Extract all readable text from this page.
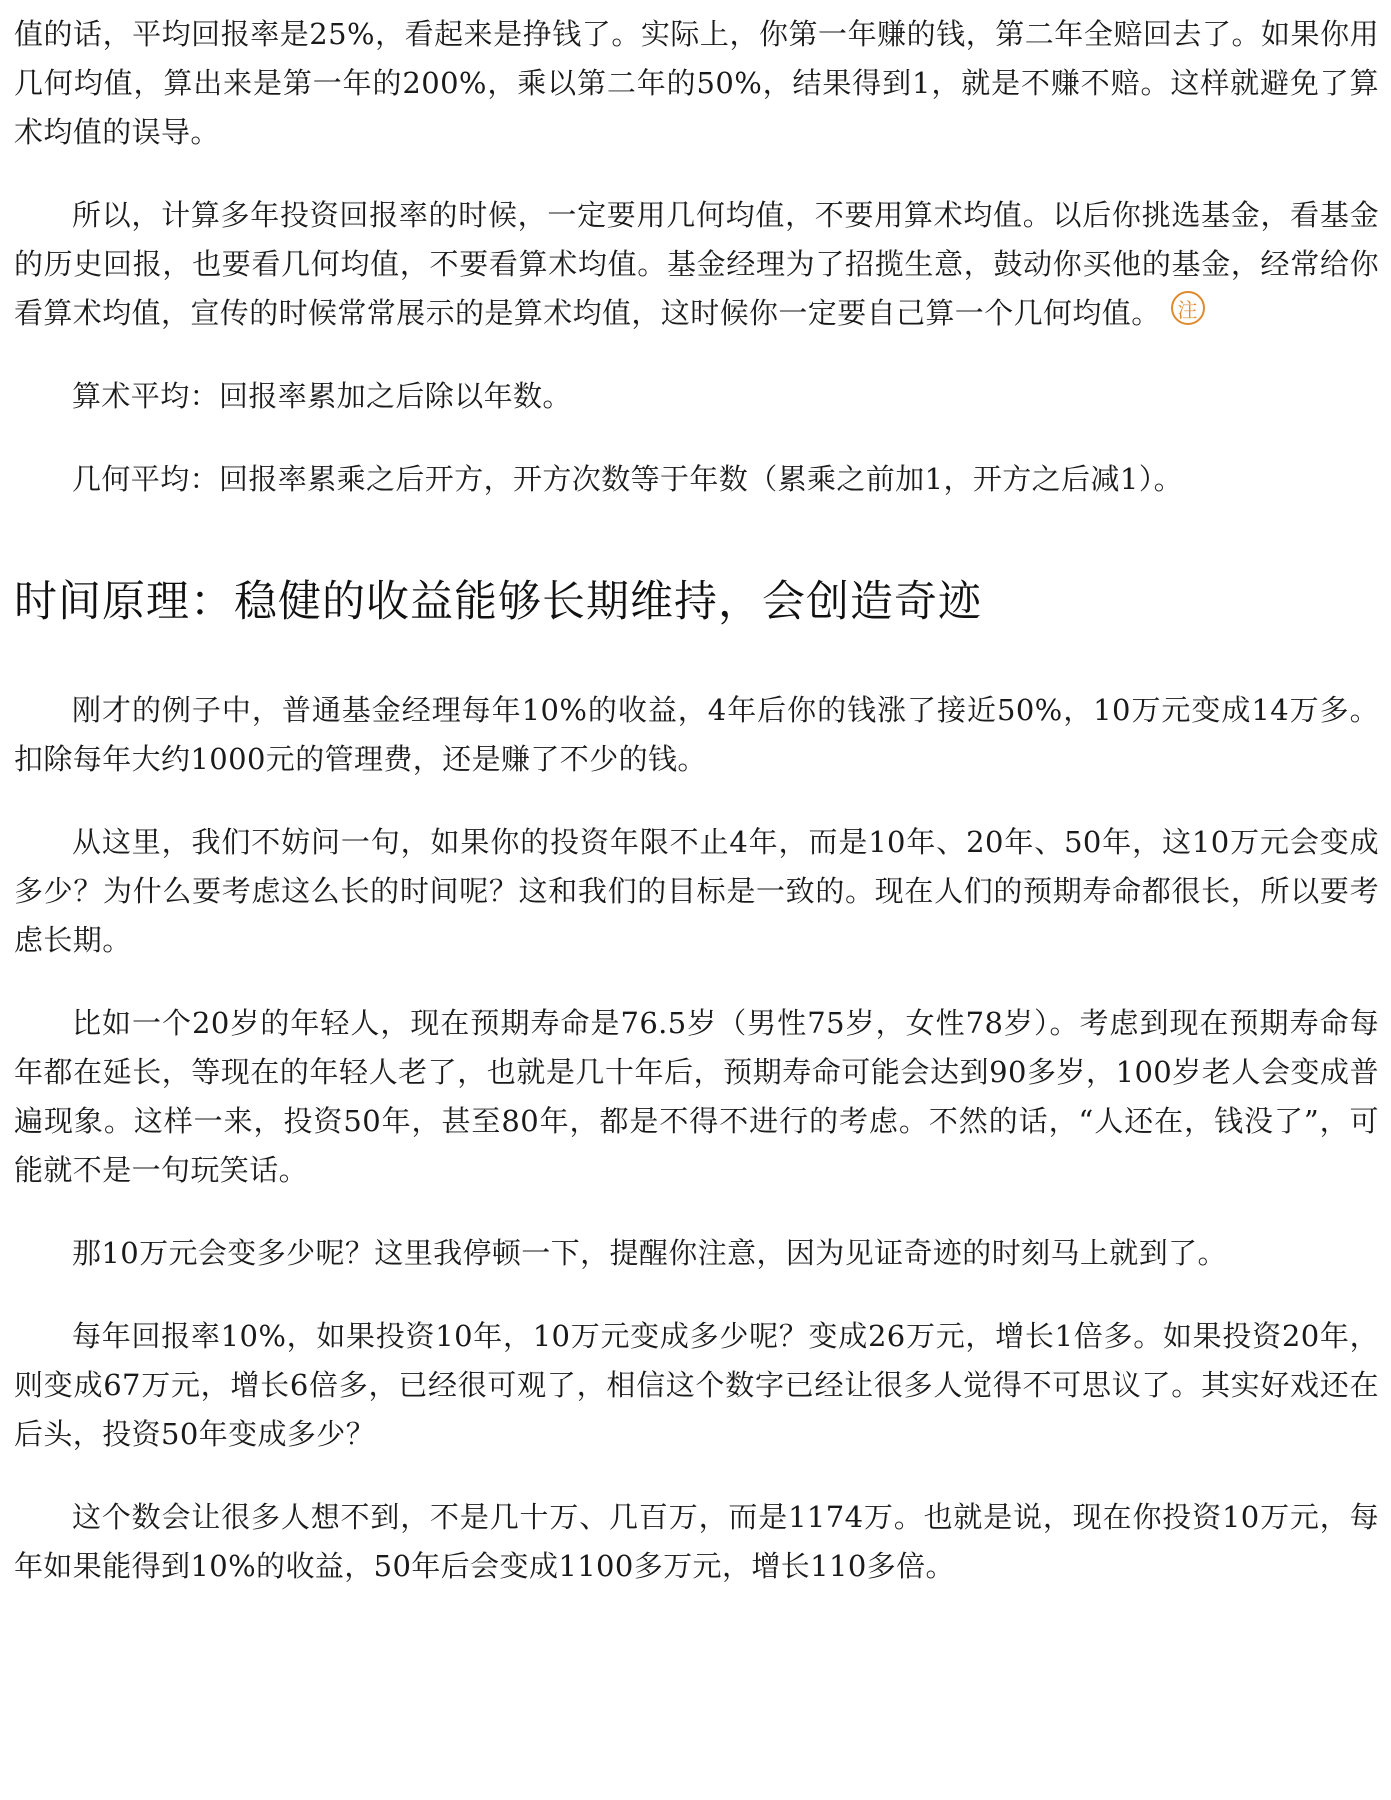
值的话，平均回报率是25%，看起来是挣钱了。实际上，你第一年赚的钱，第二年全赔回去了。如果你用几何均值，算出来是第一年的200%，乘以第二年的50%，结果得到1，就是不赚不赔。这样就避免了算术均值的误导。

所以，计算多年投资回报率的时候，一定要用几何均值，不要用算术均值。以后你挑选基金，看基金的历史回报，也要看几何均值，不要看算术均值。基金经理为了招揽生意，鼓动你买他的基金，经常给你看算术均值，宣传的时候常常展示的是算术均值，这时候你一定要自己算一个几何均值。 注

算术平均：回报率累加之后除以年数。

几何平均：回报率累乘之后开方，开方次数等于年数（累乘之前加1，开方之后减1）。

时间原理：稳健的收益能够长期维持，会创造奇迹

刚才的例子中，普通基金经理每年10%的收益，4年后你的钱涨了接近50%，10万元变成14万多。扣除每年大约1000元的管理费，还是赚了不少的钱。

从这里，我们不妨问一句，如果你的投资年限不止4年，而是10年、20年、50年，这10万元会变成多少？为什么要考虑这么长的时间呢？这和我们的目标是一致的。现在人们的预期寿命都很长，所以要考虑长期。

比如一个20岁的年轻人，现在预期寿命是76.5岁（男性75岁，女性78岁）。考虑到现在预期寿命每年都在延长，等现在的年轻人老了，也就是几十年后，预期寿命可能会达到90多岁，100岁老人会变成普遍现象。这样一来，投资50年，甚至80年，都是不得不进行的考虑。不然的话，“人还在，钱没了”，可能就不是一句玩笑话。

那10万元会变多少呢？这里我停顿一下，提醒你注意，因为见证奇迹的时刻马上就到了。

每年回报率10%，如果投资10年，10万元变成多少呢？变成26万元，增长1倍多。如果投资20年，则变成67万元，增长6倍多，已经很可观了，相信这个数字已经让很多人觉得不可思议了。其实好戏还在后头，投资50年变成多少？

这个数会让很多人想不到，不是几十万、几百万，而是1174万。也就是说，现在你投资10万元，每年如果能得到10%的收益，50年后会变成1100多万元，增长110多倍。
